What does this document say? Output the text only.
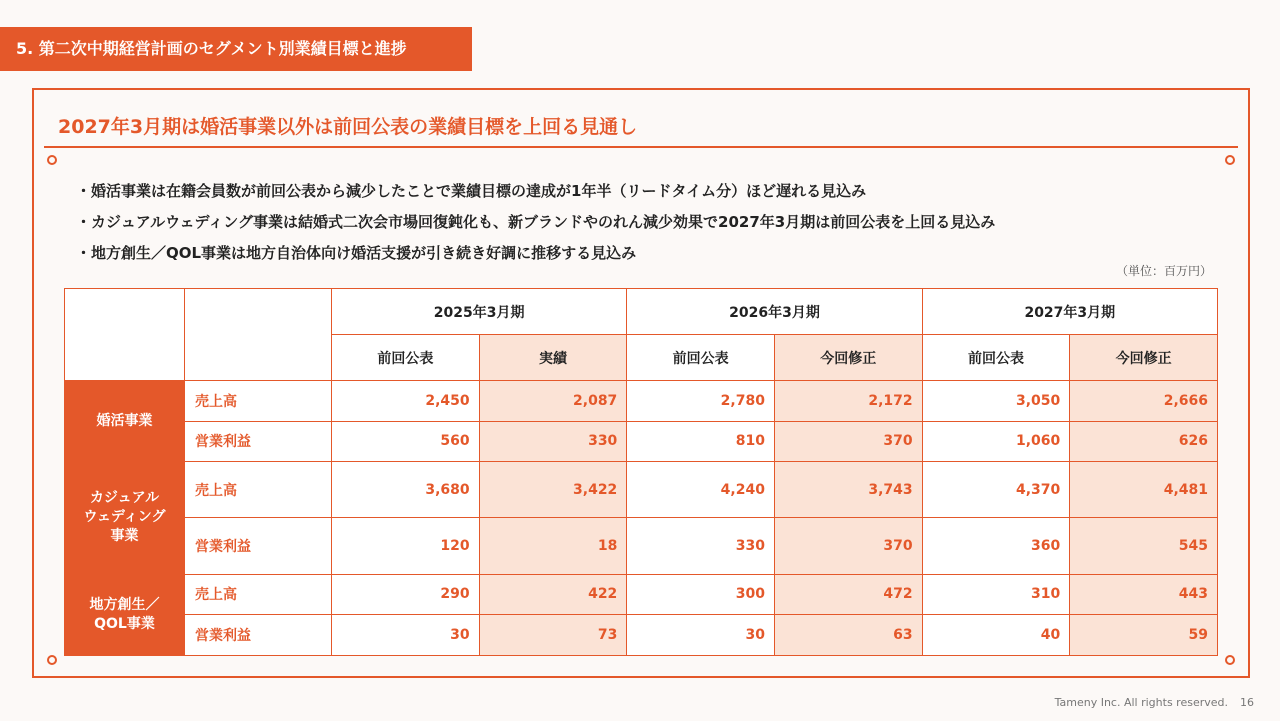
5. 第二次中期経営計画のセグメント別業績目標と進捗
2027年3月期は婚活事業以外は前回公表の業績目標を上回る見通し
・婚活事業は在籍会員数が前回公表から減少したことで業績目標の達成が1年半（リードタイム分）ほど遅れる見込み
・カジュアルウェディング事業は結婚式二次会市場回復鈍化も、新ブランドやのれん減少効果で2027年3月期は前回公表を上回る見込み
・地方創生／QOL事業は地方自治体向け婚活支援が引き続き好調に推移する見込み
（単位：百万円）
		2025年3月期		2026年3月期		2027年3月期	
		前回公表	実績	前回公表	今回修正	前回公表	今回修正
婚活事業	売上高	2,450	2,087	2,780	2,172	3,050	2,666
	営業利益	560	330	810	370	1,060	626
カジュアル
ウェディング
事業	売上高	3,680	3,422	4,240	3,743	4,370	4,481
	営業利益	120	18	330	370	360	545
地方創生／
QOL事業	売上高	290	422	300	472	310	443
	営業利益	30	73	30	63	40	59
Tameny Inc. All rights reserved. 16
